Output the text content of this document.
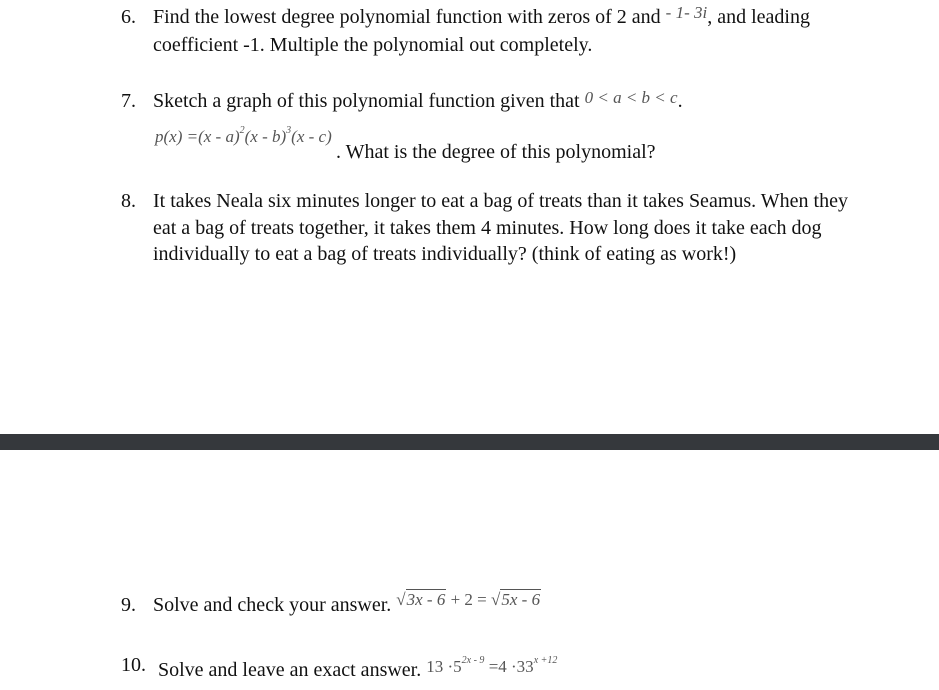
6. Find the lowest degree polynomial function with zeros of 2 and $^{- 1- 3i}$, and leading
coefficient -1. Multiple the polynomial out completely.
7. Sketch a graph of this polynomial function given that $^{0 < a < b < c}$.
$^{p(x) =(x - a)^2(x - b)^3(x - c)}$ . What is the degree of this polynomial?
8. It takes Neala six minutes longer to eat a bag of treats than it takes Seamus. When they
eat a bag of treats together, it takes them 4 minutes. How long does it take each dog
individually to eat a bag of treats individually? (think of eating as work!)
9. Solve and check your answer. $^{√3x - 6 + 2 = √5x - 6}$
10. Solve and leave an exact answer. $^{13 \cdot 5^{2x - 9} =4 \cdot 33^{x +12}}$
